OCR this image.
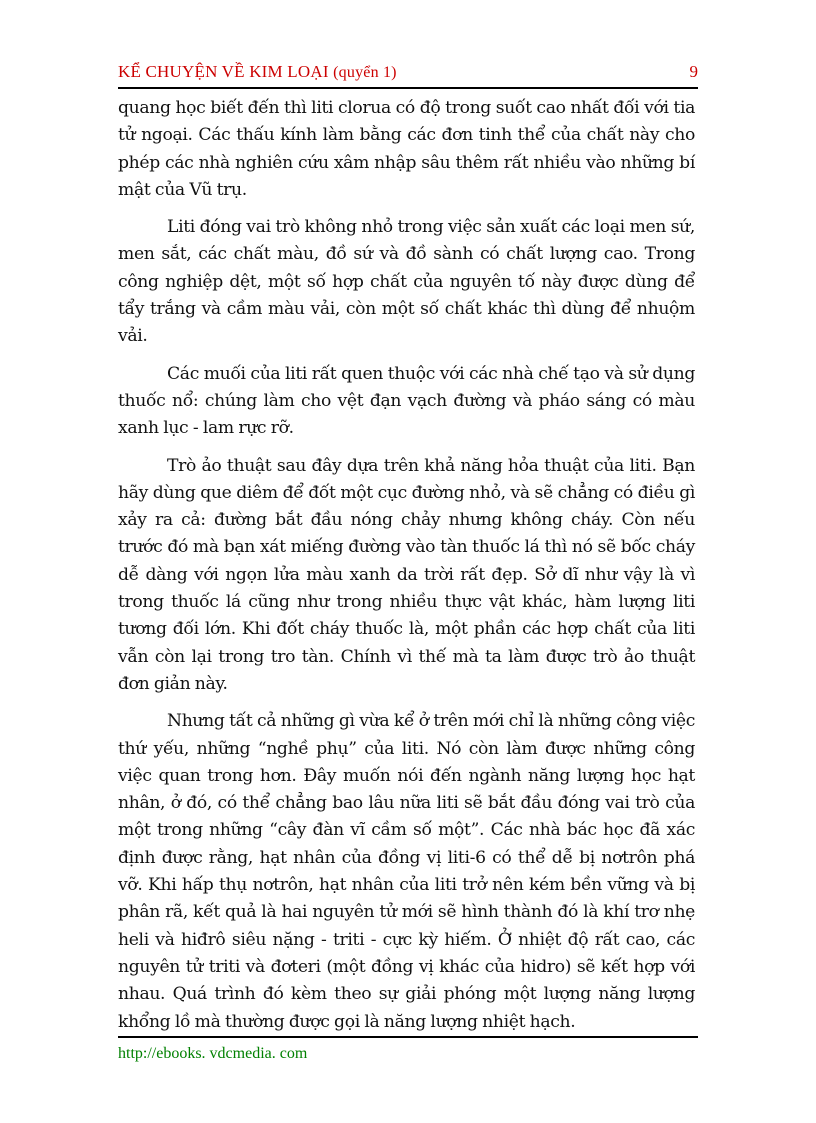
KỂ CHUYỆN VỀ KIM LOẠI (quyển 1)	9

quang học biết đến thì liti clorua có độ trong suốt cao nhất đối với tia tử ngoại. Các thấu kính làm bằng các đơn tinh thể của chất này cho phép các nhà nghiên cứu xâm nhập sâu thêm rất nhiều vào những bí mật của Vũ trụ.

Liti đóng vai trò không nhỏ trong việc sản xuất các loại men sứ, men sắt, các chất màu, đồ sứ và đồ sành có chất lượng cao. Trong công nghiệp dệt, một số hợp chất của nguyên tố này được dùng để tẩy trắng và cầm màu vải, còn một số chất khác thì dùng để nhuộm vải.

Các muối của liti rất quen thuộc với các nhà chế tạo và sử dụng thuốc nổ: chúng làm cho vệt đạn vạch đường và pháo sáng có màu xanh lục - lam rực rỡ.

Trò ảo thuật sau đây dựa trên khả năng hỏa thuật của liti. Bạn hãy dùng que diêm để đốt một cục đường nhỏ, và sẽ chẳng có điều gì xảy ra cả: đường bắt đầu nóng chảy nhưng không cháy. Còn nếu trước đó mà bạn xát miếng đường vào tàn thuốc lá thì nó sẽ bốc cháy dễ dàng với ngọn lửa màu xanh da trời rất đẹp. Sở dĩ như vậy là vì trong thuốc lá cũng như trong nhiều thực vật khác, hàm lượng liti tương đối lớn. Khi đốt cháy thuốc là, một phần các hợp chất của liti vẫn còn lại trong tro tàn. Chính vì thế mà ta làm được trò ảo thuật đơn giản này.

Nhưng tất cả những gì vừa kể ở trên mới chỉ là những công việc thứ yếu, những “nghề phụ” của liti. Nó còn làm được những công việc quan trong hơn. Đây muốn nói đến ngành năng lượng học hạt nhân, ở đó, có thể chẳng bao lâu nữa liti sẽ bắt đầu đóng vai trò của một trong những “cây đàn vĩ cầm số một”. Các nhà bác học đã xác định được rằng, hạt nhân của đồng vị liti-6 có thể dễ bị nơtrôn phá vỡ. Khi hấp thụ nơtrôn, hạt nhân của liti trở nên kém bền vững và bị phân rã, kết quả là hai nguyên tử mới sẽ hình thành đó là khí trơ nhẹ heli và hiđrô siêu nặng - triti - cực kỳ hiếm. Ở nhiệt độ rất cao, các nguyên tử triti và đơteri (một đồng vị khác của hidro) sẽ kết hợp với nhau. Quá trình đó kèm theo sự giải phóng một lượng năng lượng khổng lồ mà thường được gọi là năng lượng nhiệt hạch.

http://ebooks. vdcmedia. com
